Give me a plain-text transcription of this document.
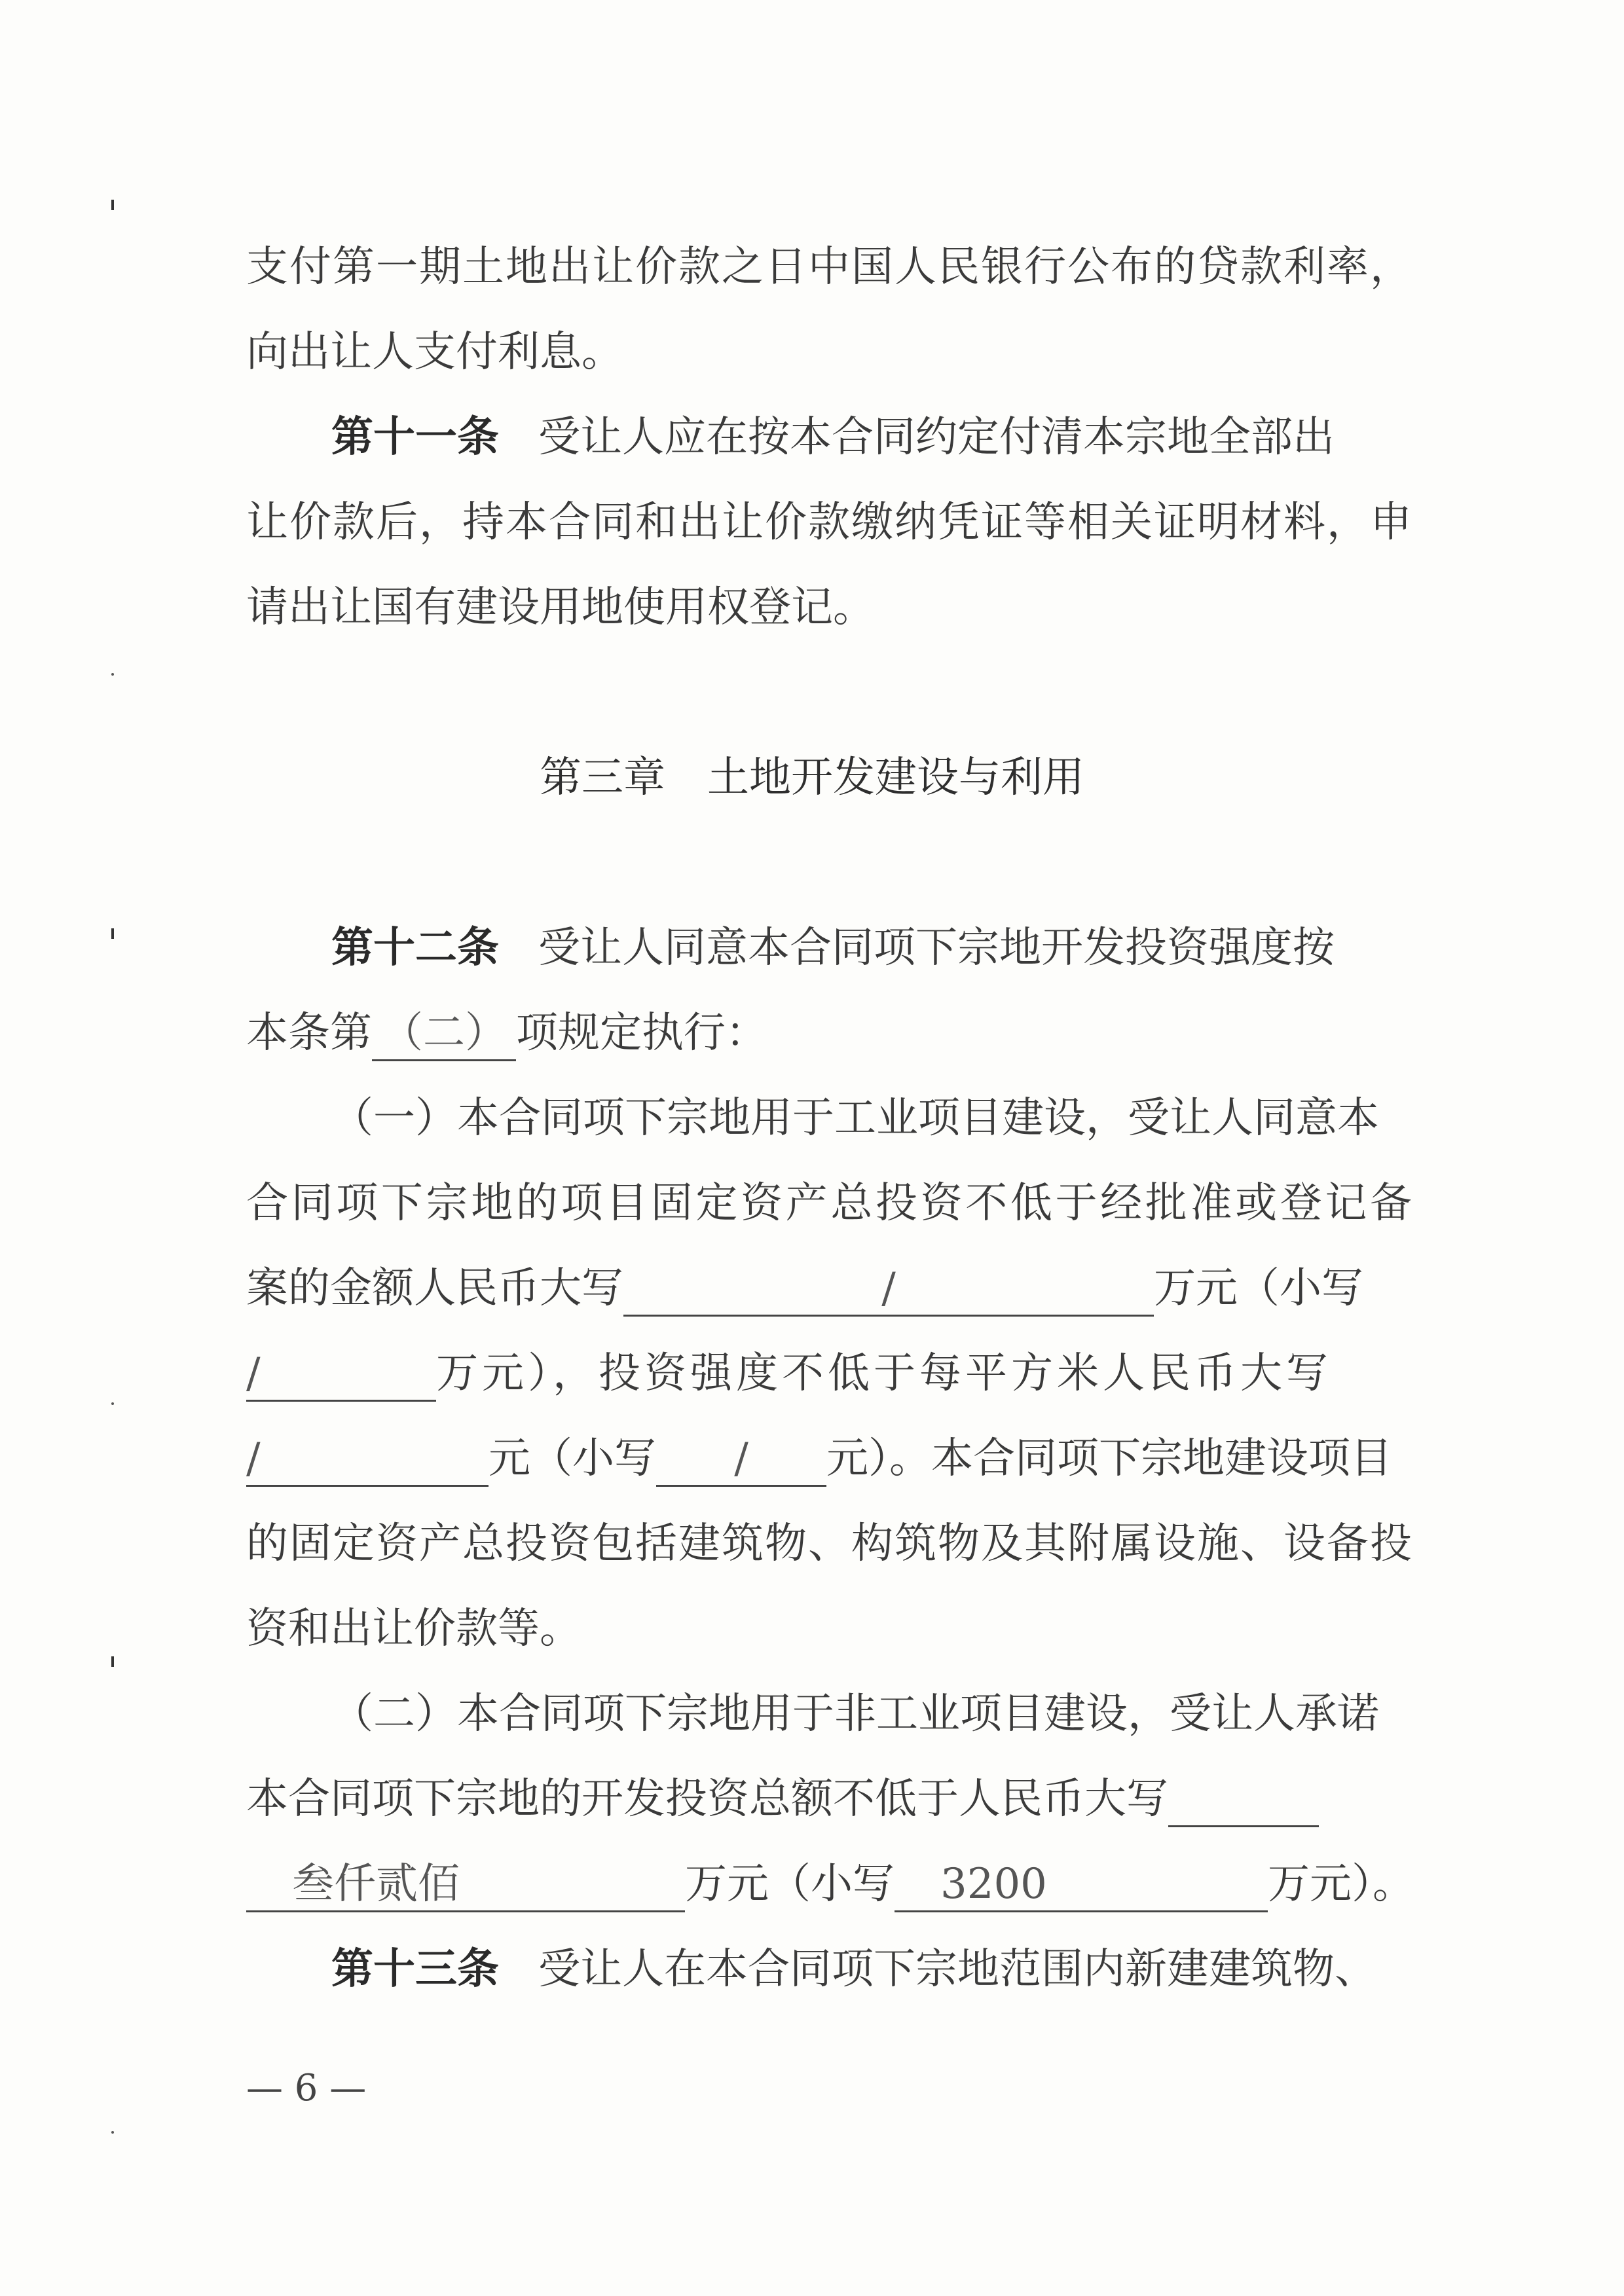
支付第一期土地出让价款之日中国人民银行公布的贷款利率，
向出让人支付利息。
第十一条 受让人应在按本合同约定付清本宗地全部出
让价款后，持本合同和出让价款缴纳凭证等相关证明材料，申
请出让国有建设用地使用权登记。
第三章　土地开发建设与利用
第十二条 受让人同意本合同项下宗地开发投资强度按
本条第 （二） 项规定执行：
（一）本合同项下宗地用于工业项目建设，受让人同意本
合同项下宗地的项目固定资产总投资不低于经批准或登记备
案的金额人民币大写	/	万元（小写
/	万元），投资强度不低于每平方米人民币大写
/	元（小写 / 元）。本合同项下宗地建设项目
的固定资产总投资包括建筑物、构筑物及其附属设施、设备投
资和出让价款等。
（二）本合同项下宗地用于非工业项目建设，受让人承诺
本合同项下宗地的开发投资总额不低于人民币大写
叁仟贰佰	万元（小写 3200	万元）。
第十三条 受让人在本合同项下宗地范围内新建建筑物、
— 6 —
